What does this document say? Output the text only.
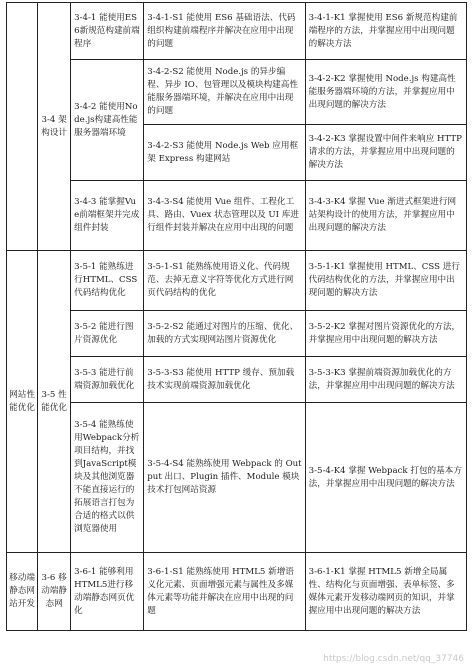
	3-4 架构设计	3-4-1 能使用ES6新规范构建前端程序	3-4-1-S1 能使用 ES6 基础语法、代码组织构建前端程序并解决在应用中出现的问题	3-4-1-K1 掌握使用 ES6 新规范构建前端程序的方法，并掌握应用中出现问题的解决方法
		3-4-2 能使用Node.js构建高性能服务器端环境	3-4-2-S2 能使用 Node.js 的异步编程、异步 IO、包管理以及模块构建高性能服务器端环境，并解决在应用中出现的问题	3-4-2-K2 掌握使用 Node.js 构建高性能服务器端环境的方法，并掌握应用中出现问题的解决方法
			3-4-2-S3 能使用 Node.js Web 应用框架 Express 构建网站	3-4-2-K3 掌握设置中间件来响应 HTTP 请求的方法，并掌握应用中出现问题的解决方法
		3-4-3 能掌握Vue前端框架并完成组件封装	3-4-3-S4 能使用 Vue 组件、工程化工具、路由、Vuex 状态管理以及 UI 库进行组件封装并解决在应用中出现的问题	3-4-3-K4 掌握 Vue 渐进式框架进行网站架构设计的使用方法，并掌握应用中出现问题的解决方法
网站性能优化	3-5 性能优化	3-5-1 能熟练进行HTML、CSS代码结构优化	3-5-1-S1 能熟练使用语义化、代码规范、去掉无意义字符等优化方式进行网页代码结构的优化	3-5-1-K1 掌握使用 HTML、CSS 进行代码结构优化的方法，并掌握应用中出现问题的解决方法
		3-5-2 能进行图片资源优化	3-5-2-S2 能通过对图片的压缩、优化、加载的方式实现网站图片资源优化	3-5-2-K2 掌握对图片资源优化的方法，并掌握应用中出现问题的解决方法
		3-5-3 能进行前端资源加载优化	3-5-3-S3 能使用 HTTP 缓存、预加载技术实现前端资源加载优化	3-5-3-K3 掌握前端资源加载优化的方法，并掌握应用中出现问题的解决方法
		3-5-4 能熟练使用Webpack分析项目结构，并找到JavaScript模块及其他浏览器不能直接运行的拓展语言打包为合适的格式以供浏览器使用	3-5-4-S4 能熟练使用 Webpack 的 Output 出口、Plugin 插件、Module 模块技术打包网站资源	3-5-4-K4 掌握 Webpack 打包的基本方法，并掌握应用中出现问题的解决方法
移动端静态网站开发	3-6 移动端静态网	3-6-1 能够利用HTML5进行移动端静态网页优化	3-6-1-S1 能熟练使用 HTML5 新增语义化元素、页面增强元素与属性及多媒体元素等功能并解决在应用中出现的问题	3-6-1-K1 掌握 HTML5 新增全局属性、结构化与页面增强、表单标签、多媒体元素开发移动端网页的知识，并掌握应用中出现问题的解决方法
https://blog.csdn.net/qq_37746
